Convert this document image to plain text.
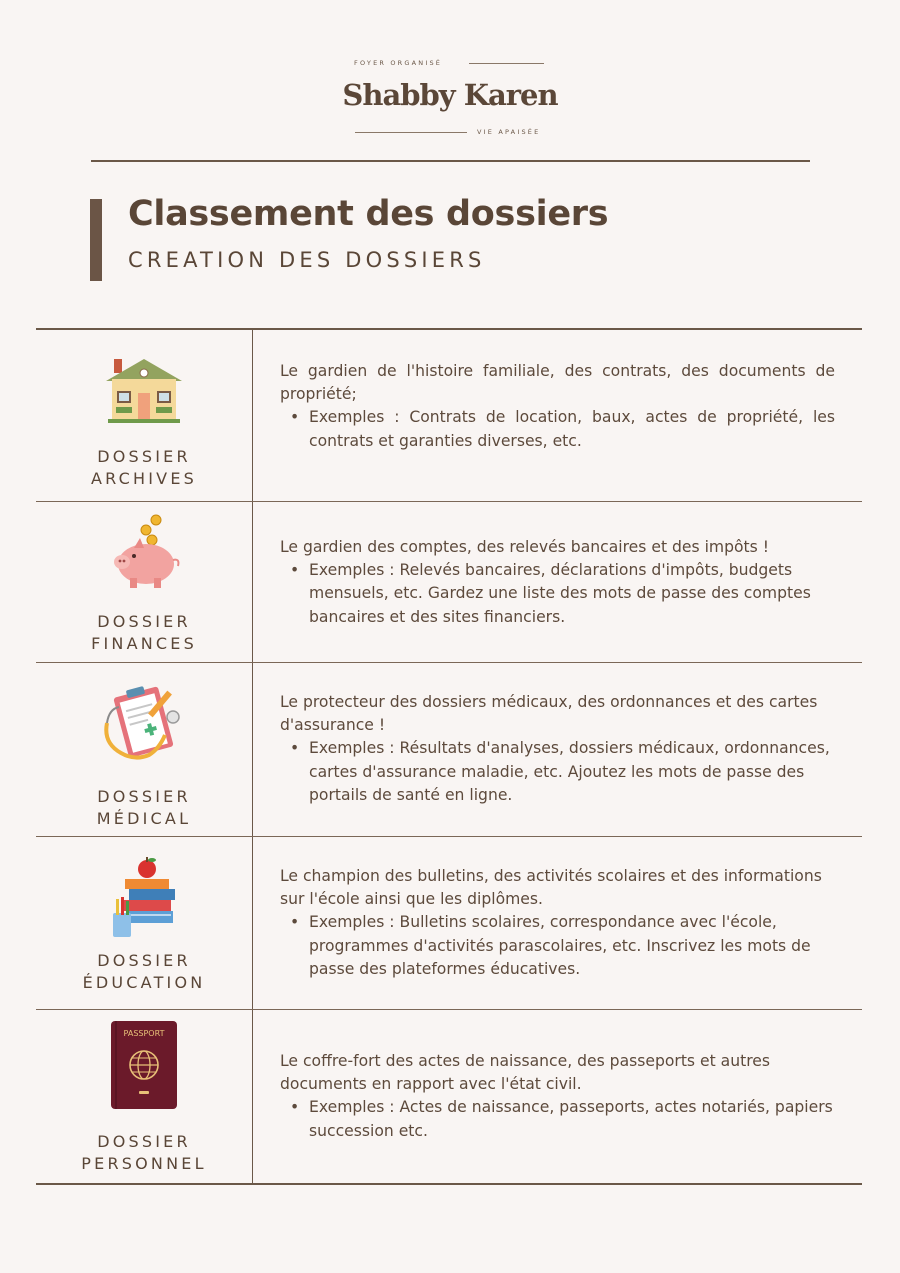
FOYER ORGANISÉ
Shabby Karen
VIE APAISÉE
Classement des dossiers
CREATION DES DOSSIERS
DOSSIER
ARCHIVES

Le gardien de l'histoire familiale, des contrats, des documents de propriété;

• Exemples : Contrats de location, baux, actes de propriété, les contrats et garanties diverses, etc.

DOSSIER
FINANCES

Le gardien des comptes, des relevés bancaires et des impôts !

• Exemples : Relevés bancaires, déclarations d'impôts, budgets mensuels, etc. Gardez une liste des mots de passe des comptes bancaires et des sites financiers.

DOSSIER
MÉDICAL

Le protecteur des dossiers médicaux, des ordonnances et des cartes d'assurance !

• Exemples : Résultats d'analyses, dossiers médicaux, ordonnances, cartes d'assurance maladie, etc. Ajoutez les mots de passe des portails de santé en ligne.

DOSSIER
ÉDUCATION

Le champion des bulletins, des activités scolaires et des informations sur l'école ainsi que les diplômes.

• Exemples : Bulletins scolaires, correspondance avec l'école, programmes d'activités parascolaires, etc. Inscrivez les mots de passe des plateformes éducatives.

PASSPORT
DOSSIER
PERSONNEL

Le coffre-fort des actes de naissance, des passeports et autres documents en rapport avec l'état civil.

• Exemples : Actes de naissance, passeports, actes notariés, papiers succession etc.
